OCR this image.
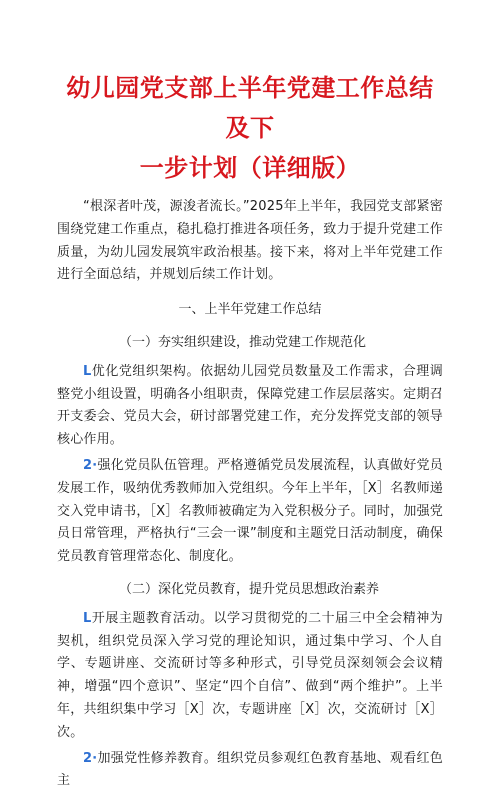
幼儿园党支部上半年党建工作总结及下
一步计划（详细版）

“根深者叶茂，源浚者流长。”2025年上半年，我园党支部紧密围绕党建工作重点，稳扎稳打推进各项任务，致力于提升党建工作质量，为幼儿园发展筑牢政治根基。接下来，将对上半年党建工作进行全面总结，并规划后续工作计划。

一、上半年党建工作总结

（一）夯实组织建设，推动党建工作规范化

L优化党组织架构。依据幼儿园党员数量及工作需求，合理调整党小组设置，明确各小组职责，保障党建工作层层落实。定期召开支委会、党员大会，研讨部署党建工作，充分发挥党支部的领导核心作用。

2∙强化党员队伍管理。严格遵循党员发展流程，认真做好党员发展工作，吸纳优秀教师加入党组织。今年上半年，［X］名教师递交入党申请书，［X］名教师被确定为入党积极分子。同时，加强党员日常管理，严格执行“三会一课”制度和主题党日活动制度，确保党员教育管理常态化、制度化。

（二）深化党员教育，提升党员思想政治素养

L开展主题教育活动。以学习贯彻党的二十届三中全会精神为契机，组织党员深入学习党的理论知识，通过集中学习、个人自学、专题讲座、交流研讨等多种形式，引导党员深刻领会会议精神，增强“四个意识”、坚定“四个自信”、做到“两个维护”。上半年，共组织集中学习［X］次，专题讲座［X］次，交流研讨［X］次。

2∙加强党性修养教育。组织党员参观红色教育基地、观看红色主
